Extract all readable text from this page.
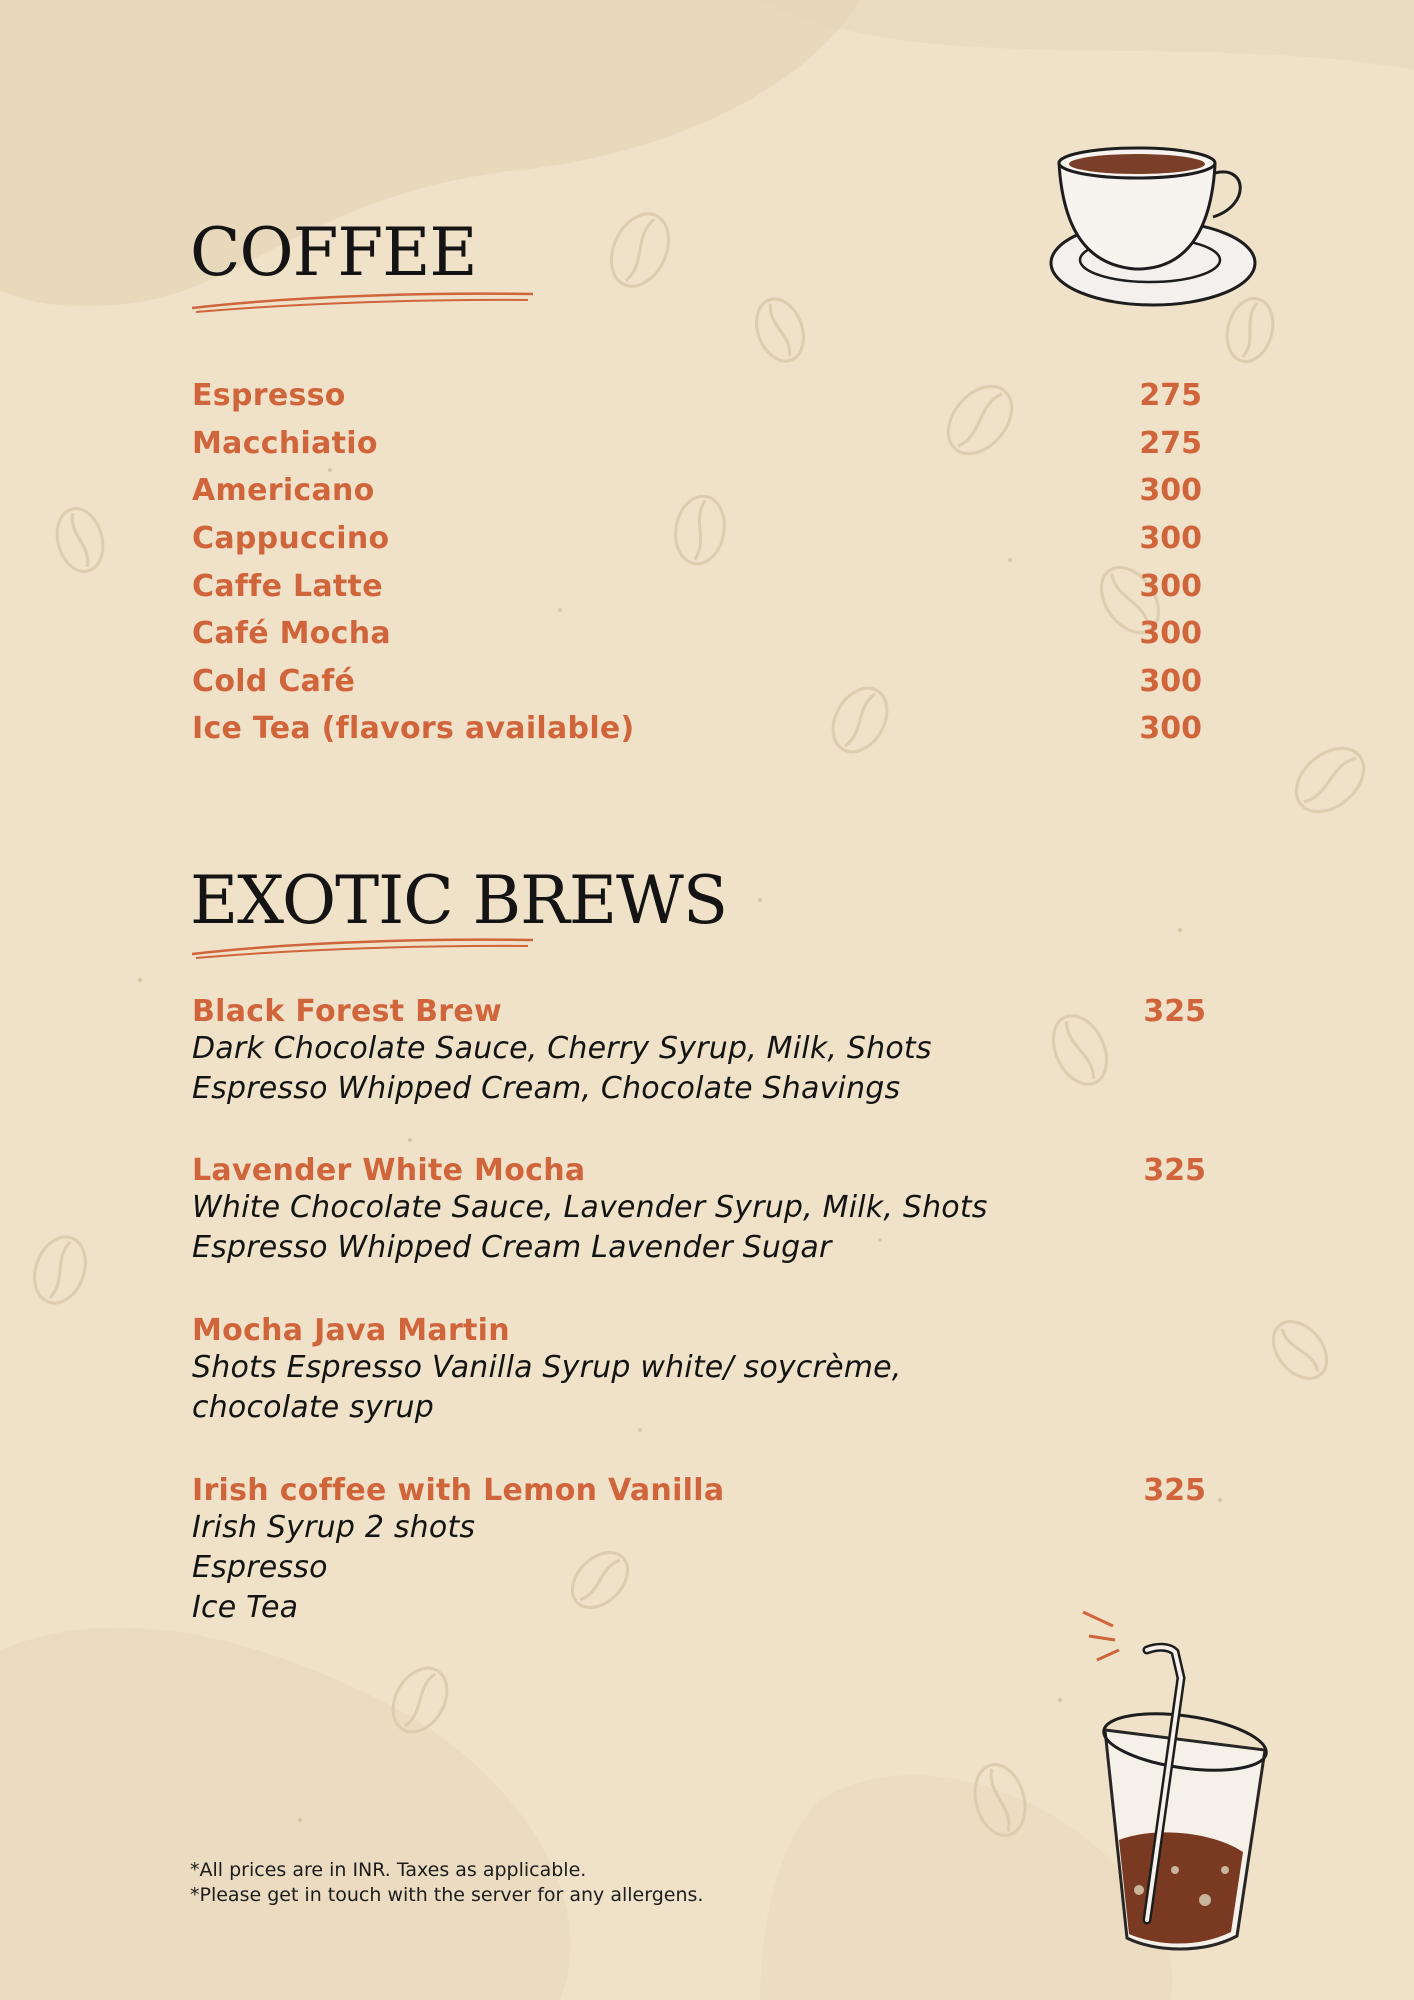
COFFEE
Espresso	275
Macchiatio	275
Americano	300
Cappuccino	300
Caffe Latte	300
Café Mocha	300
Cold Café	300
Ice Tea (flavors available)	300
EXOTIC BREWS
Black Forest Brew	325
Dark Chocolate Sauce, Cherry Syrup, Milk, Shots
Espresso Whipped Cream, Chocolate Shavings
Lavender White Mocha	325
White Chocolate Sauce, Lavender Syrup, Milk, Shots
Espresso Whipped Cream Lavender Sugar
Mocha Java Martin
Shots Espresso Vanilla Syrup white/ soycrème,
chocolate syrup
Irish coffee with Lemon Vanilla	325
Irish Syrup 2 shots
Espresso
Ice Tea
*All prices are in INR. Taxes as applicable.
*Please get in touch with the server for any allergens.
